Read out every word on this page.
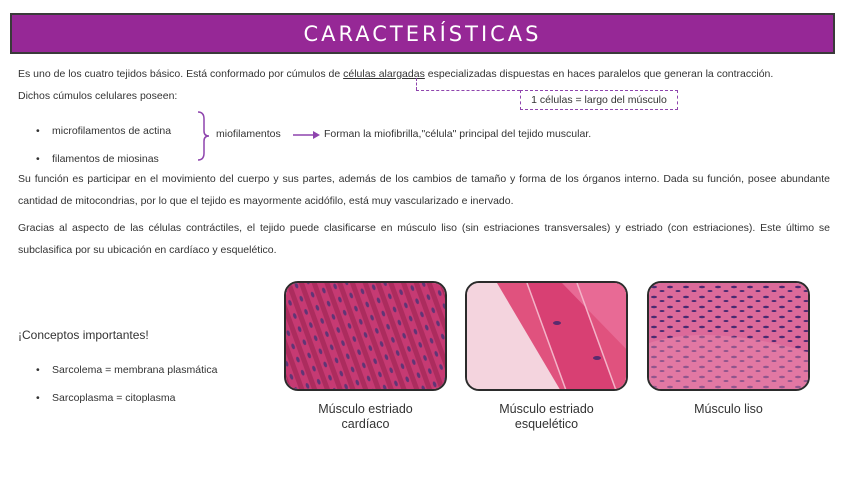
CARACTERÍSTICAS
Es uno de los cuatro tejidos básico. Está conformado por cúmulos de células alargadas especializadas dispuestas en haces paralelos que generan la contracción.
Dichos cúmulos celulares poseen:	1 células = largo del músculo
• microfilamentos de actina
• filamentos de miosinas
miofilamentos	Forman la miofibrilla,"célula" principal del tejido muscular.
Su función es participar en el movimiento del cuerpo y sus partes, además de los cambios de tamaño y forma de los órganos interno. Dada su función, posee abundante cantidad de mitocondrias, por lo que el tejido es mayormente acidófilo, está muy vascularizado e inervado.
Gracias al aspecto de las células contráctiles, el tejido puede clasificarse en músculo liso (sin estriaciones transversales) y estriado (con estriaciones). Este último se subclasifica por su ubicación en cardíaco y esquelético.
¡Conceptos importantes!
• Sarcolema = membrana plasmática
• Sarcoplasma = citoplasma
Músculo estriado
cardíaco
Músculo estriado
esquelético
Músculo liso
